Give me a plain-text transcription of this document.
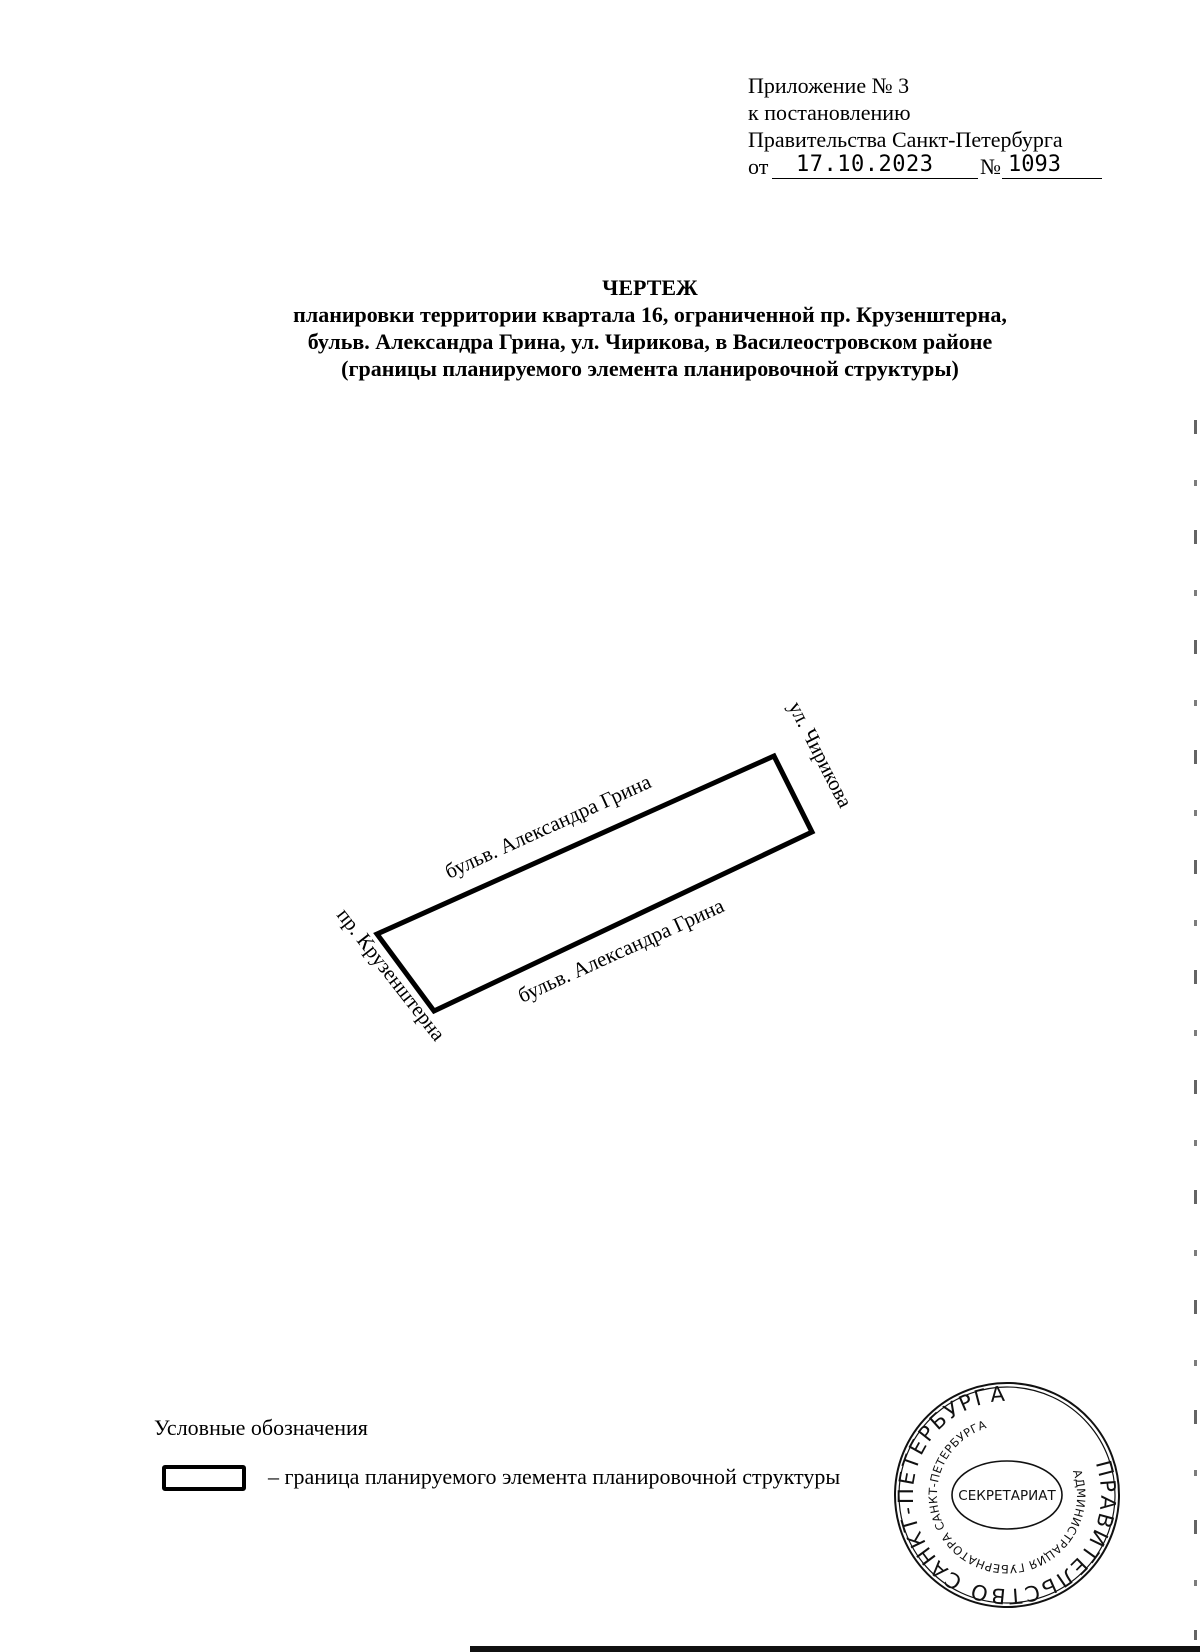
Приложение № 3
к постановлению
Правительства Санкт-Петербурга
от	17.10.2023	№ 1093
ЧЕРТЕЖ
планировки территории квартала 16, ограниченной пр. Крузенштерна,
бульв. Александра Грина, ул. Чирикова, в Василеостровском районе
(границы планируемого элемента планировочной структуры)
бульв. Александра Грина
бульв. Александра Грина
ул. Чирикова
пр. Крузенштерна
Условные обозначения
– граница планируемого элемента планировочной структуры	ПРАВИТЕЛЬСТВО САНКТ-ПЕТЕРБУРГА
АДМИНИСТРАЦИЯ ГУБЕРНАТОРА САНКТ-ПЕТЕРБУРГА
СЕКРЕТАРИАТ
